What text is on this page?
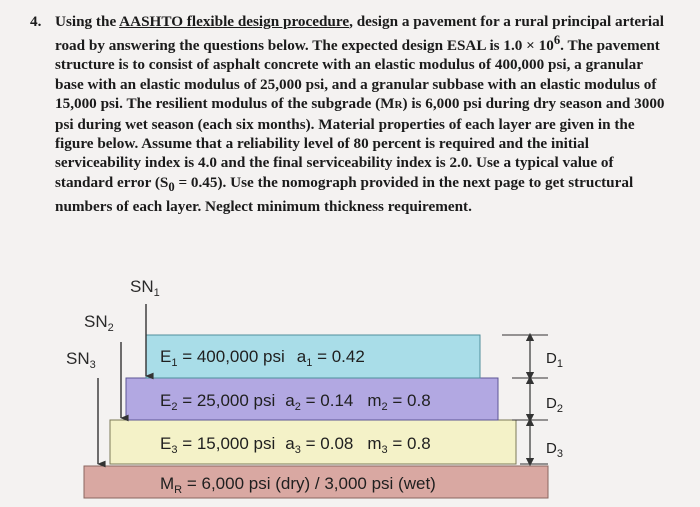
4. Using the AASHTO flexible design procedure, design a pavement for a rural principal arterial road by answering the questions below. The expected design ESAL is $1.0 \times 10^6$. The pavement structure is to consist of asphalt concrete with an elastic modulus of 400,000 psi, a granular base with an elastic modulus of 25,000 psi, and a granular subbase with an elastic modulus of 15,000 psi. The resilient modulus of the subgrade (MR) is 6,000 psi during dry season and 3000 psi during wet season (each six months). Material properties of each layer are given in the figure below. Assume that a reliability level of 80 percent is required and the initial serviceability index is 4.0 and the final serviceability index is 2.0. Use a typical value of standard error $(S_0 = 0.45)$. Use the nomograph provided in the next page to get structural numbers of each layer. Neglect minimum thickness requirement.
$SN_1$
$SN_2$
$SN_3$	$E_1 = 400,000$ psi $a_1 = 0.42$
$E_2 = 25,000$ psi $a_2 = 0.14$ $m_2 = 0.8$
$E_3 = 15,000$ psi $a_3 = 0.08$ $m_3 = 0.8$
$M_R = 6,000$ psi (dry) / 3,000 psi (wet)
$D_1$
$D_2$
$D_3$
